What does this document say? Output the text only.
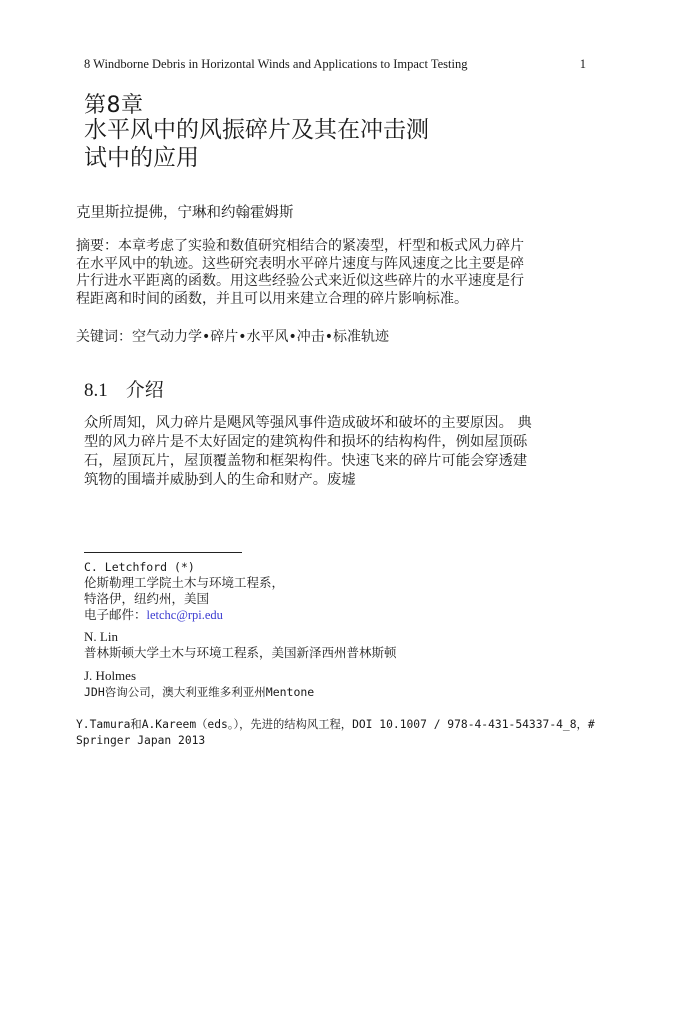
8 Windborne Debris in Horizontal Winds and Applications to Impact Testing	1
第8章
水平风中的风振碎片及其在冲击测
试中的应用
克里斯拉提佛，宁琳和约翰霍姆斯
摘要：本章考虑了实验和数值研究相结合的紧凑型，杆型和板式风力碎片
在水平风中的轨迹。这些研究表明水平碎片速度与阵风速度之比主要是碎
片行进水平距离的函数。用这些经验公式来近似这些碎片的水平速度是行
程距离和时间的函数，并且可以用来建立合理的碎片影响标准。
关键词：空气动力学•碎片•水平风•冲击•标准轨迹
8.1 介绍
众所周知，风力碎片是飓风等强风事件造成破坏和破坏的主要原因。 典
型的风力碎片是不太好固定的建筑构件和损坏的结构构件，例如屋顶砾
石，屋顶瓦片，屋顶覆盖物和框架构件。快速飞来的碎片可能会穿透建
筑物的围墙并威胁到人的生命和财产。废墟
C. Letchford (*)
伦斯勒理工学院土木与环境工程系，
特洛伊，纽约州，美国
电子邮件：letchc@rpi.edu
N. Lin
普林斯顿大学土木与环境工程系，美国新泽西州普林斯顿
J. Holmes
JDH咨询公司，澳大利亚维多利亚州Mentone
Y.Tamura和A.Kareem（eds。），先进的结构风工程，DOI 10.1007 / 978-4-431-54337-4_8，#
Springer Japan 2013
